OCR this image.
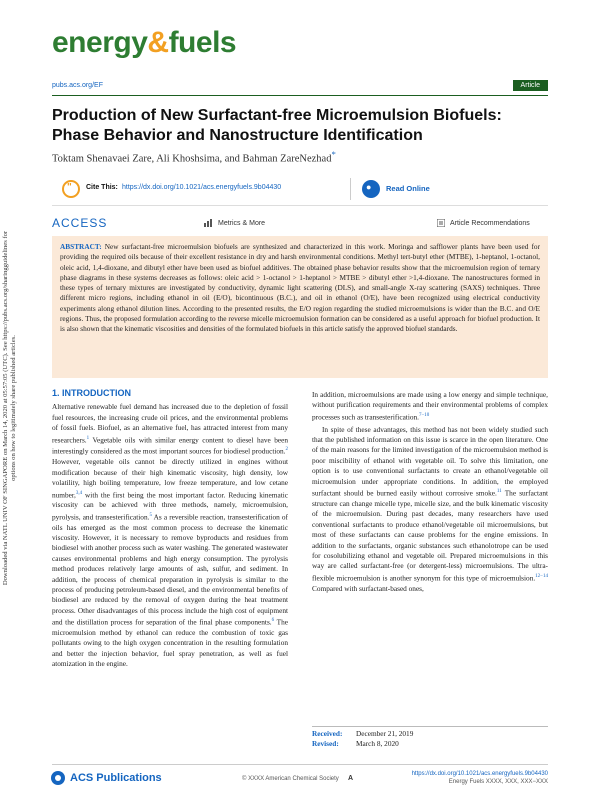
Downloaded via NATL UNIV OF SINGAPORE on March 14, 2020 at 05:57:05 (UTC). See https://pubs.acs.org/sharingguidelines for options on how to legitimately share published articles.
energy&fuels
pubs.acs.org/EF	Article
Production of New Surfactant-free Microemulsion Biofuels: Phase Behavior and Nanostructure Identification
Toktam Shenavaei Zare, Ali Khoshsima, and Bahman ZareNezhad*
" Cite This: https://dx.doi.org/10.1021/acs.energyfuels.9b04430	● Read Online
ACCESS	Metrics & More	Article Recommendations

ABSTRACT: New surfactant-free microemulsion biofuels are synthesized and characterized in this work. Moringa and safflower plants have been used for providing the required oils because of their excellent resistance in dry and harsh environmental conditions. Methyl tert-butyl ether (MTBE), 1-heptanol, 1-octanol, oleic acid, 1,4-dioxane, and dibutyl ether have been used as biofuel additives. The obtained phase behavior results show that the microemulsion region of ternary phase diagrams in these systems decreases as follows: oleic acid > 1-octanol > 1-heptanol > MTBE > dibutyl ether >1,4-dioxane. The nanostructures formed in these types of ternary mixtures are investigated by conductivity, dynamic light scattering (DLS), and small-angle X-ray scattering (SAXS) techniques. Three different micro regions, including ethanol in oil (E/O), bicontinuous (B.C.), and oil in ethanol (O/E), have been recognized using electrical conductivity experiments along ethanol dilution lines. According to the presented results, the E/O region regarding the studied microemulsions is wider than the B.C. and O/E regions. Thus, the proposed formulation according to the reverse micelle microemulsion formation can be considered as a useful approach for biofuel production. It is also shown that the kinematic viscosities and densities of the formulated biofuels in this article satisfy the approved biofuel standards.

1. INTRODUCTION

Alternative renewable fuel demand has increased due to the depletion of fossil fuel resources, the increasing crude oil prices, and the environmental problems of fossil fuels. Biofuel, as an alternative fuel, has attracted interest from many researchers.$^1$ Vegetable oils with similar energy content to diesel have been interestingly considered as the most important sources for biodiesel production.$^2$ However, vegetable oils cannot be directly utilized in engines without modification because of their high kinematic viscosity, high density, low volatility, high boiling temperature, low freeze temperature, and low cetane number,$^{3,4}$ with the first being the most important factor. Reducing kinematic viscosity can be achieved with three methods, namely, microemulsion, pyrolysis, and transesterification.$^5$ As a reversible reaction, transesterification of oils has emerged as the most common process to decrease the kinematic viscosity. However, it is necessary to remove byproducts and residues from biodiesel with another process such as water washing. The generated wastewater causes environmental problems and high energy consumption. The pyrolysis method produces relatively large amounts of ash, sulfur, and sediment. In addition, the process of chemical preparation in pyrolysis is similar to the process of producing petroleum-based diesel, and the environmental benefits of biodiesel are reduced by the removal of oxygen during the heat treatment process. Other disadvantages of this process include the high cost of equipment and the distillation process for separation of the final phase components.$^6$ The microemulsion method by ethanol can reduce the combustion of toxic gas pollutants owing to the high oxygen concentration in the resulting formulation and better the injection behavior, fuel spray penetration, as well as fuel atomization in the engine.

In addition, microemulsions are made using a low energy and simple technique, without purification requirements and their environmental problems of complex processes such as transesterification.$^{7-10}$

In spite of these advantages, this method has not been widely studied such that the published information on this issue is scarce in the open literature. One of the main reasons for the limited investigation of the microemulsion method is poor miscibility of ethanol with vegetable oil. To solve this limitation, one option is to use conventional surfactants to create an ethanol/vegetable oil microemulsion under appropriate conditions. In addition, the employed surfactant should be burned easily without corrosive smoke.$^{11}$ The surfactant structure can change micelle type, micelle size, and the bulk kinematic viscosity of the microemulsion. During past decades, many researchers have used conventional surfactants to produce ethanol/vegetable oil microemulsions, but most of these surfactants can cause problems for the engine emissions. In addition to the surfactants, organic substances such ethanolotrope can be used for cosolubilizing ethanol and vegetable oil. Prepared microemulsions in this way are called surfactant-free (or detergent-less) microemulsions. The ultra-flexible microemulsion is another synonym for this type of microemulsion.$^{12-14}$ Compared with surfactant-based ones,

Received: December 21, 2019
Revised: March 8, 2020
ACS Publications	© XXXX American Chemical Society A
https://dx.doi.org/10.1021/acs.energyfuels.9b04430
Energy Fuels XXXX, XXX, XXX−XXX
